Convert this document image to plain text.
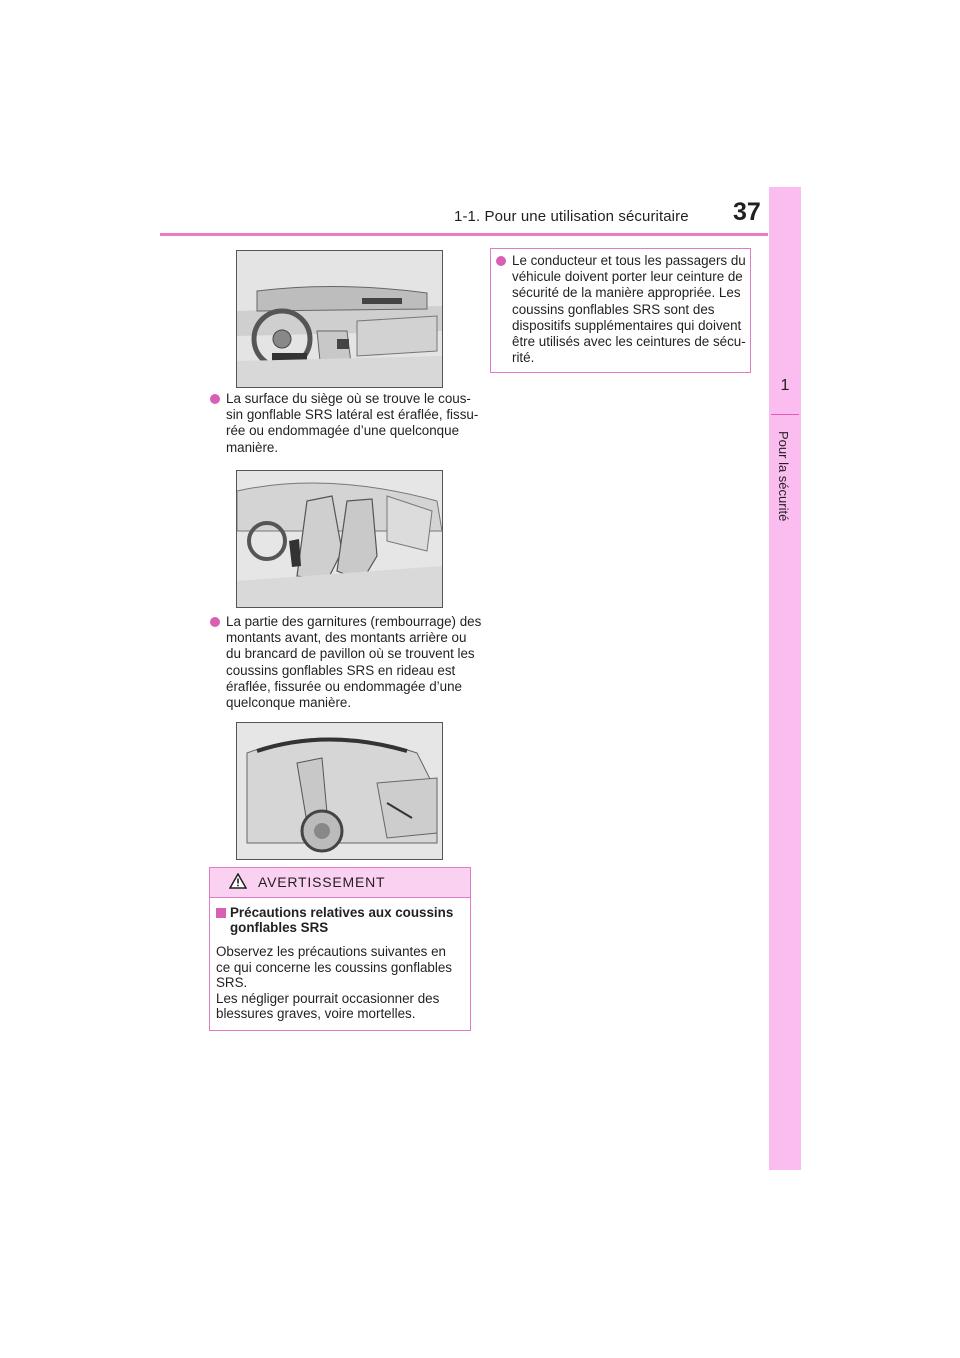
1-1. Pour une utilisation sécuritaire 37
1
Pour la sécurité
La surface du siège où se trouve le cous-sin gonflable SRS latéral est éraflée, fissu-rée ou endommagée d’une quelconque manière.
La partie des garnitures (rembourrage) des montants avant, des montants arrière ou du brancard de pavillon où se trouvent les coussins gonflables SRS en rideau est éraflée, fissurée ou endommagée d’une quelconque manière.
AVERTISSEMENT
Précautions relatives aux coussins gonflables SRS

Observez les précautions suivantes en ce qui concerne les coussins gonflables SRS.

Les négliger pourrait occasionner des blessures graves, voire mortelles.

Le conducteur et tous les passagers du véhicule doivent porter leur ceinture de sécurité de la manière appropriée. Les coussins gonflables SRS sont des dispositifs supplémentaires qui doivent être utilisés avec les ceintures de sécu-rité.
